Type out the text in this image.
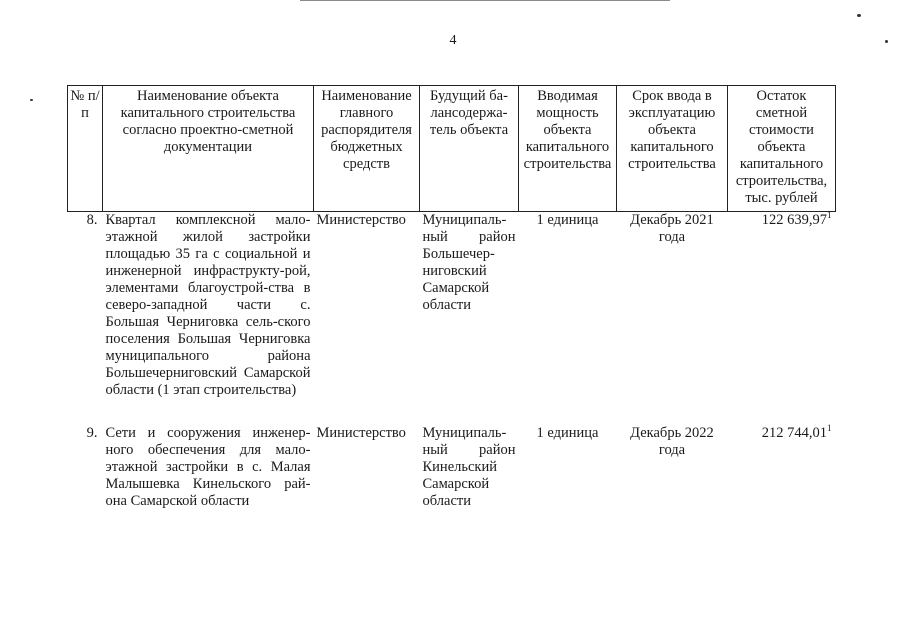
4
№ п/п	Наименование объекта капитального строительства согласно проектно-сметной документации	Наименование главного распорядителя бюджетных средств	Будущий ба-лансодержа-тель объекта	Вводимая мощность объекта капитального строительства	Срок ввода в эксплуатацию объекта капитального строительства	Остаток сметной стоимости объекта капитального строительства, тыс. рублей
8.	Квартал комплексной мало-этажной жилой застройки площадью 35 га с социальной и инженерной инфраструкту-рой, элементами благоустрой-ства в северо-западной части с. Большая Черниговка сель-ского поселения Большая Черниговка муниципального района Большечерниговский Самарской области (1 этап строительства)	Министерство	Муниципаль-ный район Большечер-ниговский Самарской области	1 единица	Декабрь 2021 года	122 639,97$^1$
9.	Сети и сооружения инженер-ного обеспечения для мало-этажной застройки в с. Малая Малышевка Кинельского рай-она Самарской области	Министерство	Муниципаль-ный район Кинельский Самарской области	1 единица	Декабрь 2022 года	212 744,01$^1$
